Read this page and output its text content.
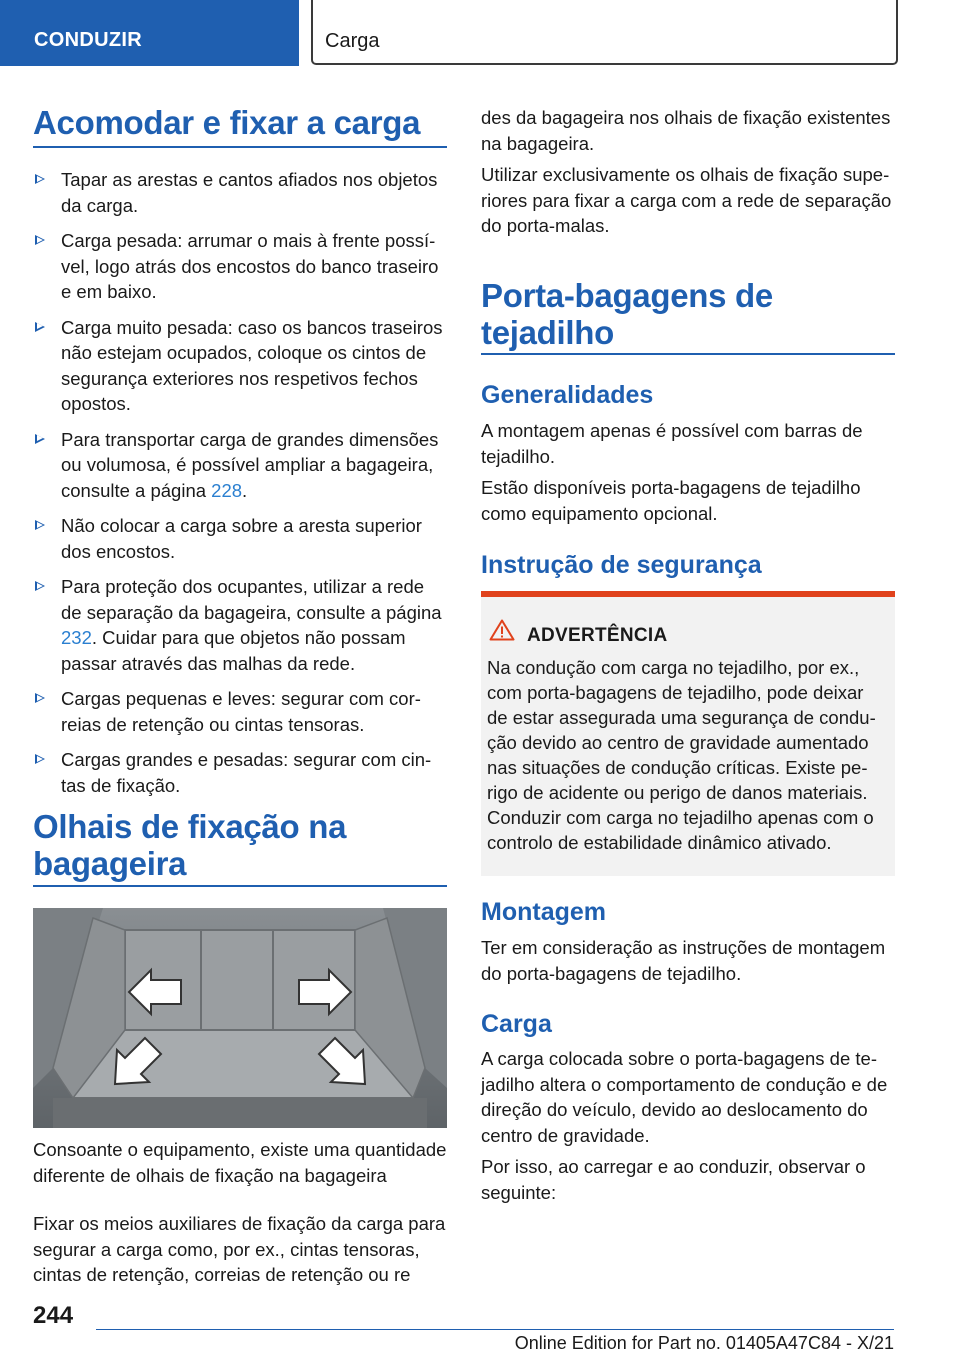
CONDUZIR	Carga
Acomodar e fixar a carga
Tapar as arestas e cantos afiados nos objetos da carga.
Carga pesada: arrumar o mais à frente possível, logo atrás dos encostos do banco traseiro e em baixo.
Carga muito pesada: caso os bancos traseiros não estejam ocupados, coloque os cintos de segurança exteriores nos respetivos fechos opostos.
Para transportar carga de grandes dimensões ou volumosa, é possível ampliar a bagageira, consulte a página 228.
Não colocar a carga sobre a aresta superior dos encostos.
Para proteção dos ocupantes, utilizar a rede de separação da bagageira, consulte a página 232. Cuidar para que objetos não possam passar através das malhas da rede.
Cargas pequenas e leves: segurar com correias de retenção ou cintas tensoras.
Cargas grandes e pesadas: segurar com cintas de fixação.
Olhais de fixação na bagageira
Consoante o equipamento, existe uma quantidade diferente de olhais de fixação na bagageira
Fixar os meios auxiliares de fixação da carga para segurar a carga como, por ex., cintas tensoras, cintas de retenção, correias de retenção ou re
des da bagageira nos olhais de fixação existentes na bagageira.
Utilizar exclusivamente os olhais de fixação superiores para fixar a carga com a rede de separação do porta-malas.
Porta-bagagens de tejadilho
Generalidades
A montagem apenas é possível com barras de tejadilho.
Estão disponíveis porta-bagagens de tejadilho como equipamento opcional.
Instrução de segurança
ADVERTÊNCIA
Na condução com carga no tejadilho, por ex., com porta-bagagens de tejadilho, pode deixar de estar assegurada uma segurança de condução devido ao centro de gravidade aumentado nas situações de condução críticas. Existe perigo de acidente ou perigo de danos materiais. Conduzir com carga no tejadilho apenas com o controlo de estabilidade dinâmico ativado.
Montagem
Ter em consideração as instruções de montagem do porta-bagagens de tejadilho.
Carga
A carga colocada sobre o porta-bagagens de tejadilho altera o comportamento de condução e de direção do veículo, devido ao deslocamento do centro de gravidade.
Por isso, ao carregar e ao conduzir, observar o seguinte:
244
Online Edition for Part no. 01405A47C84 - X/21
